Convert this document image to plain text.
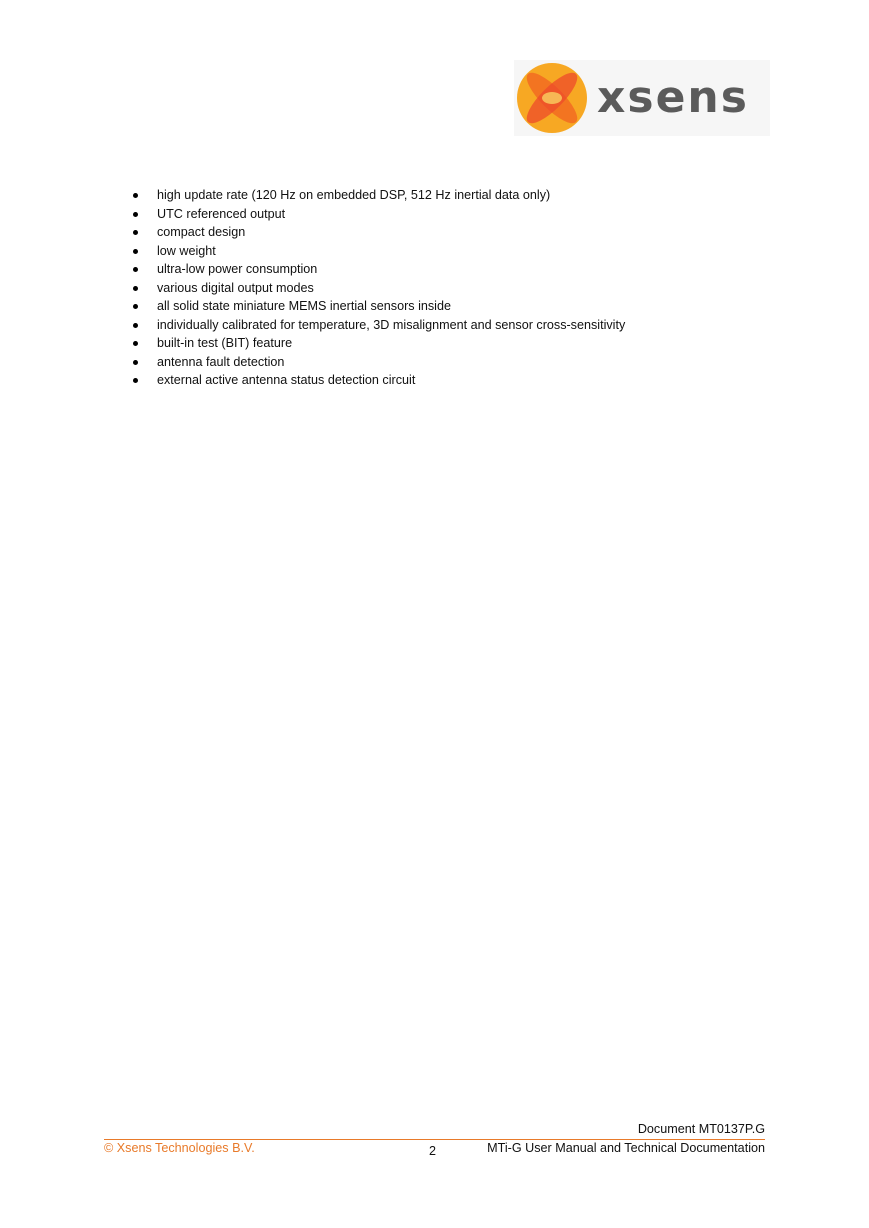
xsens
high update rate (120 Hz on embedded DSP, 512 Hz inertial data only)
UTC referenced output
compact design
low weight
ultra-low power consumption
various digital output modes
all solid state miniature MEMS inertial sensors inside
individually calibrated for temperature, 3D misalignment and sensor cross-sensitivity
built-in test (BIT) feature
antenna fault detection
external active antenna status detection circuit
Document MT0137P.G
© Xsens Technologies B.V.	2	MTi-G User Manual and Technical Documentation
